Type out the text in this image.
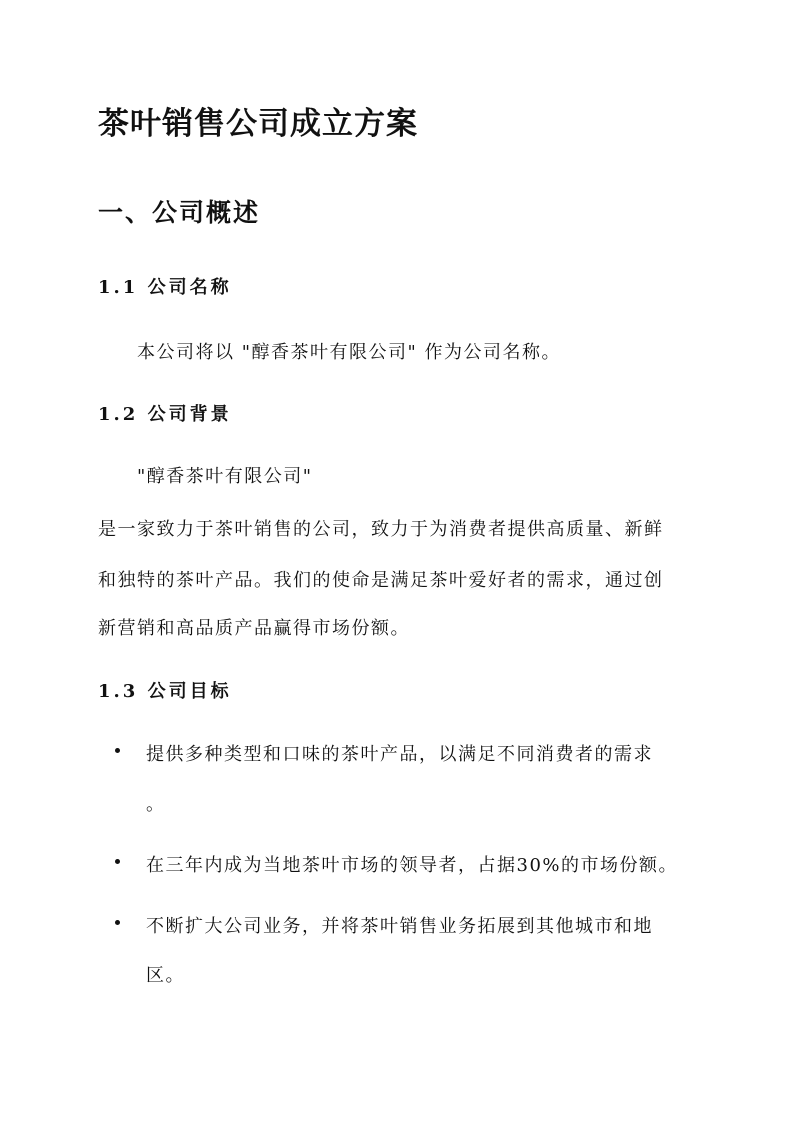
茶叶销售公司成立方案
一、公司概述
1.1 公司名称
本公司将以 "醇香茶叶有限公司" 作为公司名称。
1.2 公司背景
"醇香茶叶有限公司"
是一家致力于茶叶销售的公司，致力于为消费者提供高质量、新鲜
和独特的茶叶产品。我们的使命是满足茶叶爱好者的需求，通过创
新营销和高品质产品赢得市场份额。
1.3 公司目标
提供多种类型和口味的茶叶产品，以满足不同消费者的需求
。
在三年内成为当地茶叶市场的领导者，占据30%的市场份额。
不断扩大公司业务，并将茶叶销售业务拓展到其他城市和地
区。
